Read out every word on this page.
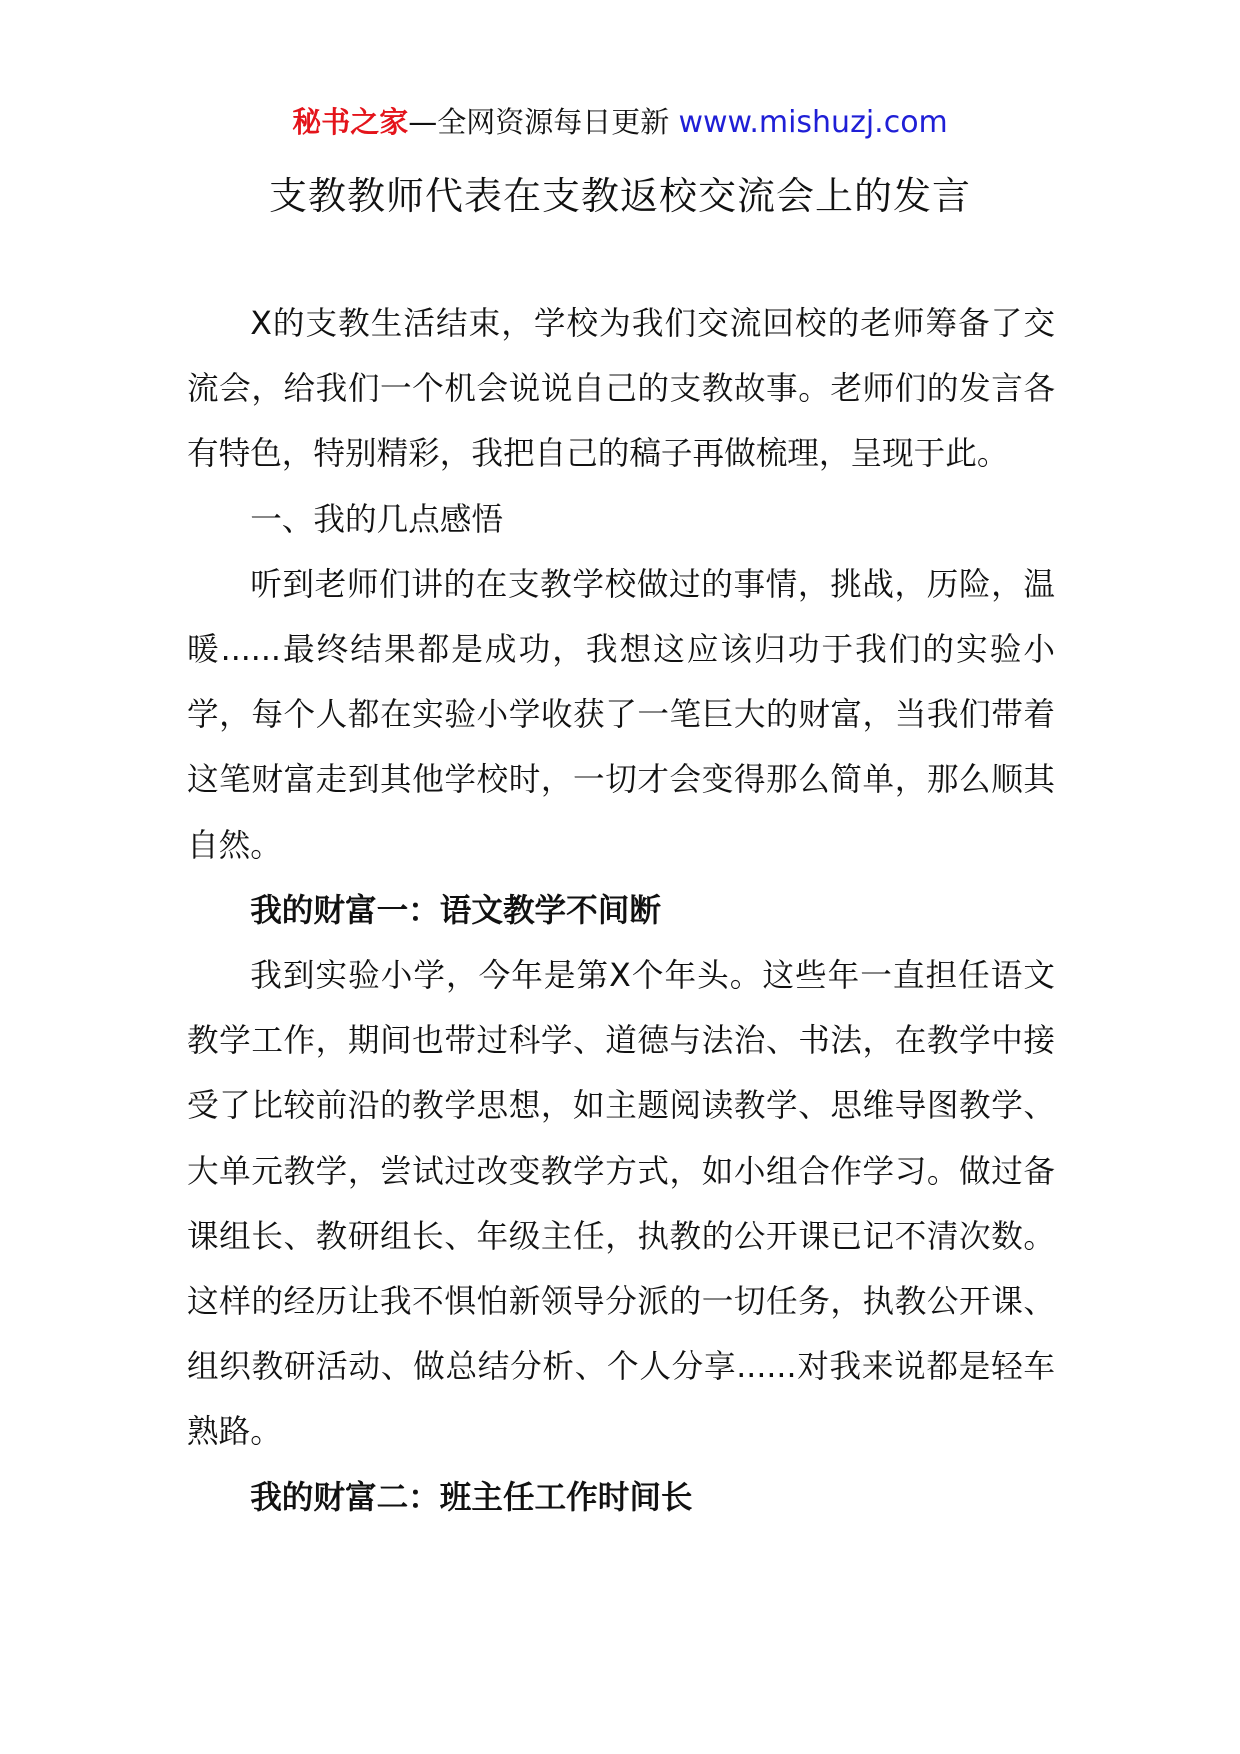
秘书之家—全网资源每日更新 www.mishuzj.com
支教教师代表在支教返校交流会上的发言

X的支教生活结束，学校为我们交流回校的老师筹备了交流会，给我们一个机会说说自己的支教故事。老师们的发言各有特色，特别精彩，我把自己的稿子再做梳理，呈现于此。

一、我的几点感悟

听到老师们讲的在支教学校做过的事情，挑战，历险，温暖......最终结果都是成功，我想这应该归功于我们的实验小学，每个人都在实验小学收获了一笔巨大的财富，当我们带着这笔财富走到其他学校时，一切才会变得那么简单，那么顺其自然。

我的财富一：语文教学不间断

我到实验小学，今年是第X个年头。这些年一直担任语文教学工作，期间也带过科学、道德与法治、书法，在教学中接受了比较前沿的教学思想，如主题阅读教学、思维导图教学、大单元教学，尝试过改变教学方式，如小组合作学习。做过备课组长、教研组长、年级主任，执教的公开课已记不清次数。这样的经历让我不惧怕新领导分派的一切任务，执教公开课、组织教研活动、做总结分析、个人分享......对我来说都是轻车熟路。

我的财富二：班主任工作时间长
